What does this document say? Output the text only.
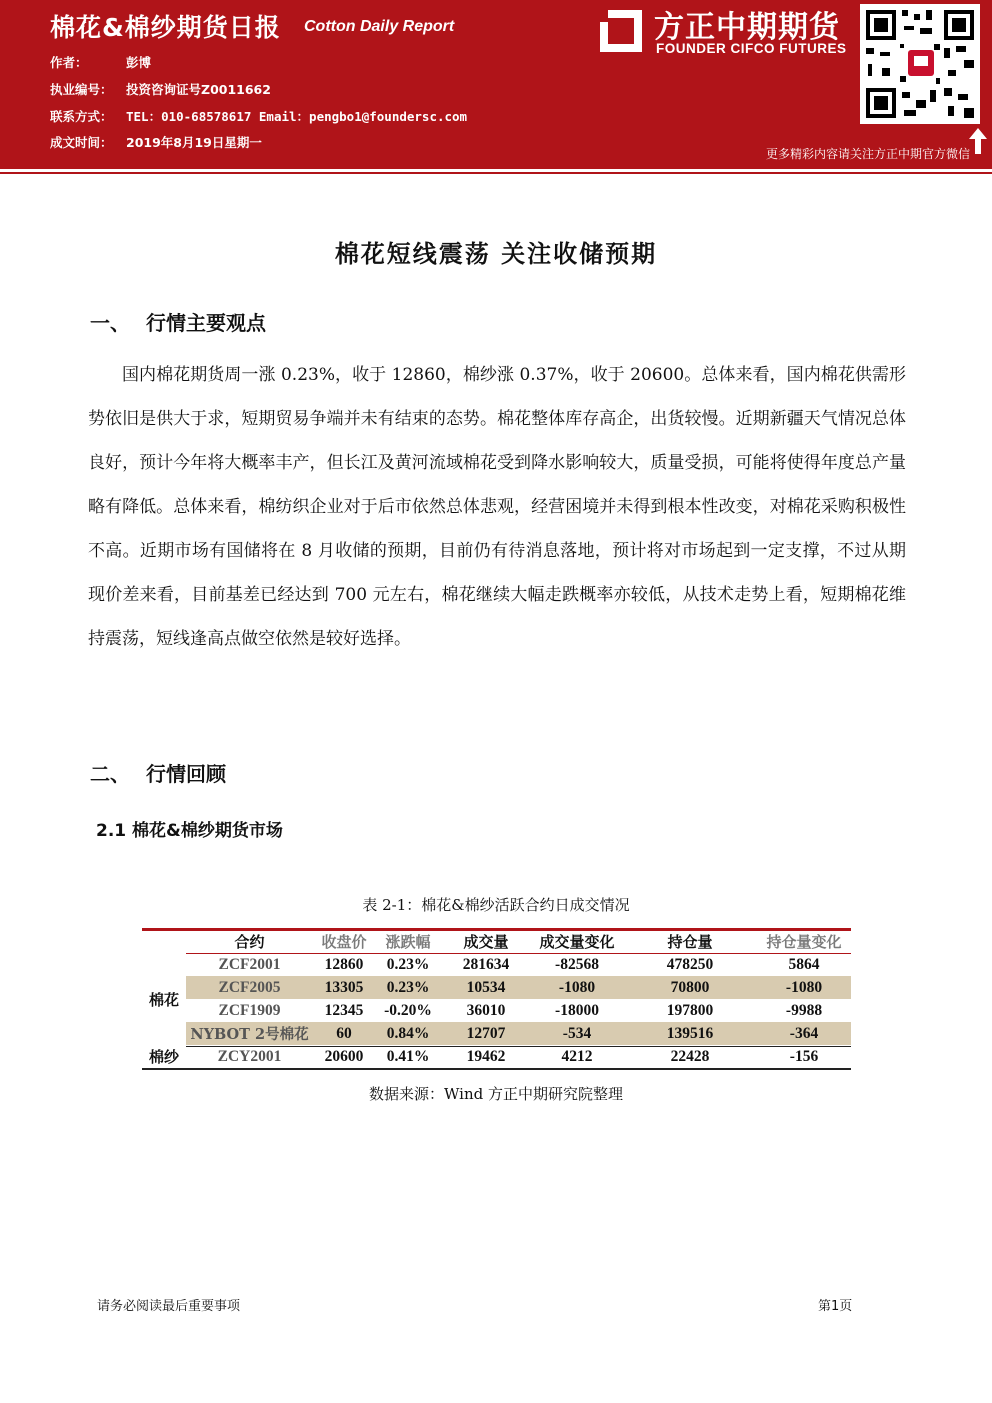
棉花&棉纱期货日报 Cotton Daily Report
作者：	彭博
执业编号： 投资咨询证号Z0011662
联系方式： TEL：010-68578617 Email：pengbo1@foundersc.com
成文时间： 2019年8月19日星期一
方正中期期货
FOUNDER CIFCO FUTURES
更多精彩内容请关注方正中期官方微信
棉花短线震荡 关注收储预期
一、 行情主要观点
国内棉花期货周一涨 0.23%，收于 12860，棉纱涨 0.37%，收于 20600。总体来看，国内棉花供需形势依旧是供大于求，短期贸易争端并未有结束的态势。棉花整体库存高企，出货较慢。近期新疆天气情况总体良好，预计今年将大概率丰产，但长江及黄河流域棉花受到降水影响较大，质量受损，可能将使得年度总产量略有降低。总体来看，棉纺织企业对于后市依然总体悲观，经营困境并未得到根本性改变，对棉花采购积极性不高。近期市场有国储将在 8 月收储的预期，目前仍有待消息落地，预计将对市场起到一定支撑，不过从期现价差来看，目前基差已经达到 700 元左右，棉花继续大幅走跌概率亦较低，从技术走势上看，短期棉花维持震荡，短线逢高点做空依然是较好选择。
二、 行情回顾
2.1 棉花&棉纱期货市场
表 2-1：棉花&棉纱活跃合约日成交情况
	合约	收盘价	涨跌幅	成交量	成交量变化	持仓量	持仓量变化
棉花	ZCF2001	12860	0.23%	281634	-82568	478250	5864
	ZCF2005	13305	0.23%	10534	-1080	70800	-1080
	ZCF1909	12345	-0.20%	36010	-18000	197800	-9988
	NYBOT 2号棉花	60	0.84%	12707	-534	139516	-364
棉纱	ZCY2001	20600	0.41%	19462	4212	22428	-156
数据来源：Wind 方正中期研究院整理
请务必阅读最后重要事项	第1页
